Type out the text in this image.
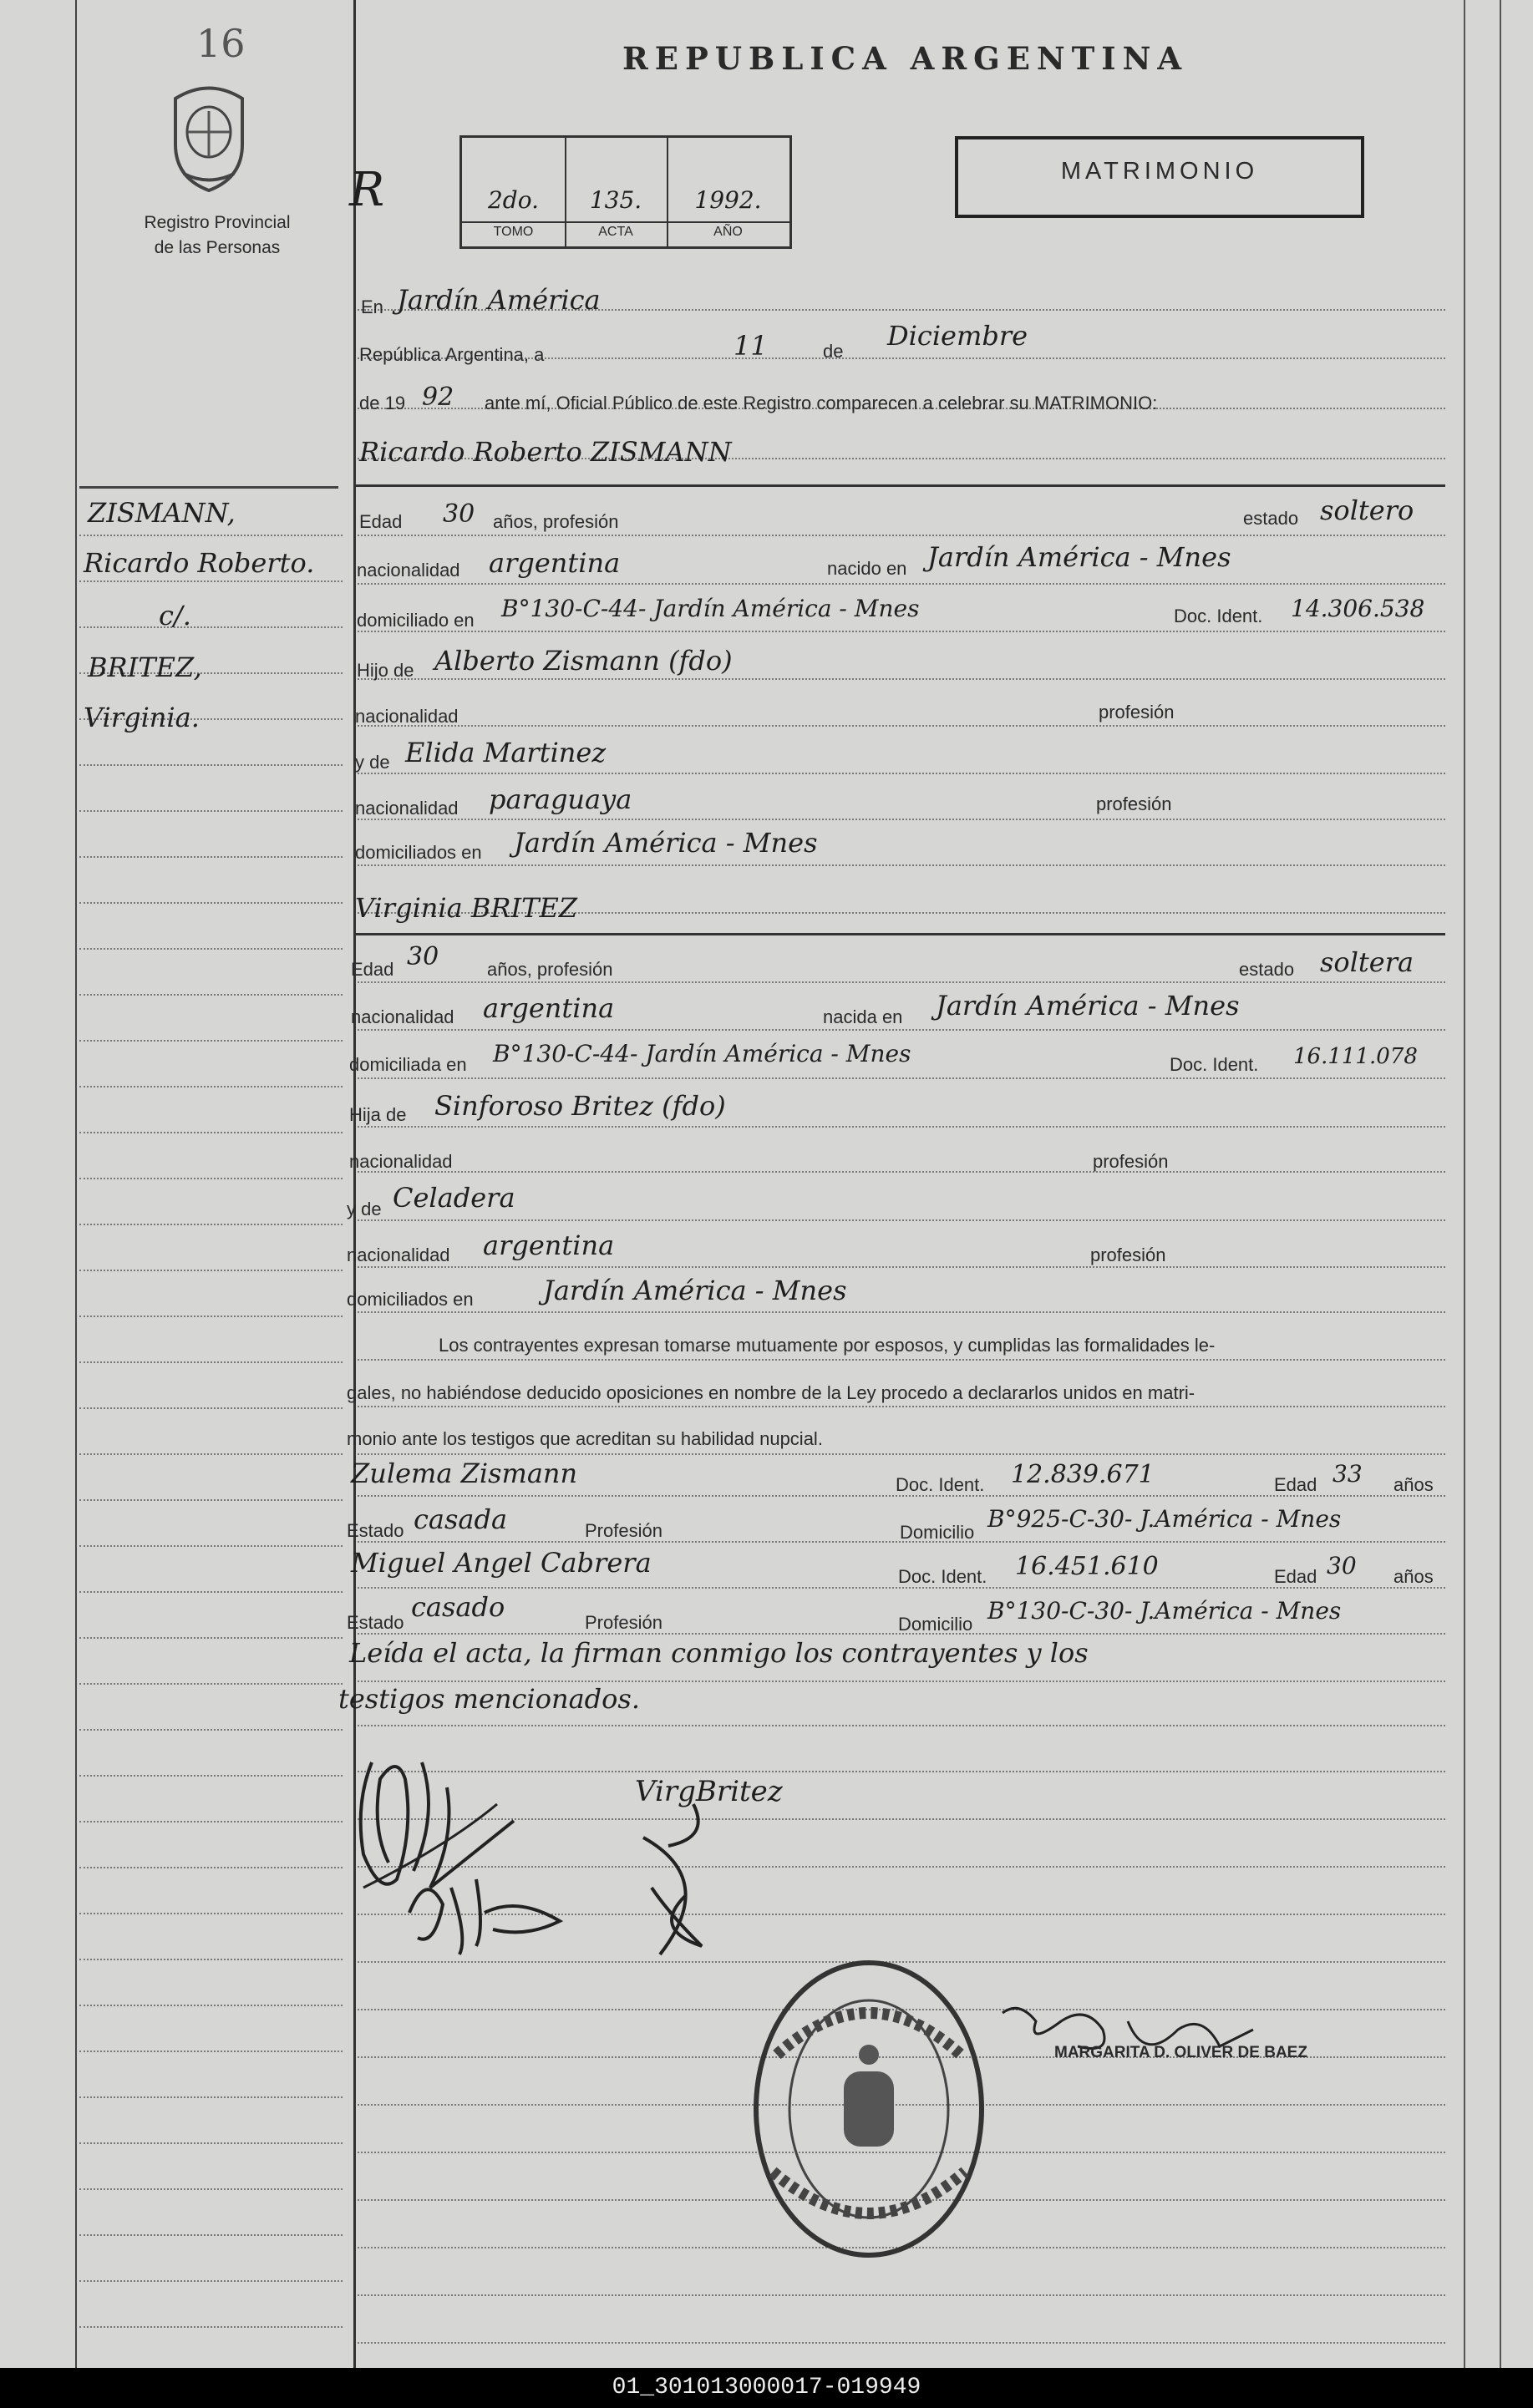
16
Registro Provincial
de las Personas
REPUBLICA ARGENTINA
MATRIMONIO
R	2do.	135.	1992.
TOMO	ACTA	AÑO
ZISMANN,
Ricardo Roberto.
c/.
BRITEZ,
Virginia.
En Jardín América
República Argentina, a	11	de Diciembre
de 19 92 ante mí, Oficial Público de este Registro comparecen a celebrar su MATRIMONIO:
Ricardo Roberto ZISMANN
Edad 30 años, profesión	estado soltero
nacionalidad argentina	nacido en Jardín América - Mnes
domiciliado en B°130-C-44- Jardín América - Mnes	Doc. Ident. 14.306.538
Hijo de Alberto Zismann (fdo)
nacionalidad	profesión
y de Elida Martinez
nacionalidad paraguaya	profesión
domiciliados en Jardín América - Mnes
Virginia BRITEZ
Edad 30	años, profesión	estado soltera
nacionalidad argentina	nacida en Jardín América - Mnes
domiciliada en B°130-C-44- Jardín América - Mnes	Doc. Ident. 16.111.078
Hija de Sinforoso Britez (fdo)
nacionalidad	profesión
y de Celadera
nacionalidad argentina	profesión
domiciliados en	Jardín América - Mnes
Los contrayentes expresan tomarse mutuamente por esposos, y cumplidas las formalidades le-
gales, no habiéndose deducido oposiciones en nombre de la Ley procedo a declararlos unidos en matri-
monio ante los testigos que acreditan su habilidad nupcial.
Zulema Zismann	Doc. Ident. 12.839.671	Edad 33 años
Estado casada	Profesión	Domicilio B°925-C-30- J.América - Mnes
Miguel Angel Cabrera	Doc. Ident. 16.451.610	Edad 30 años
Estado casado	Profesión	Domicilio B°130-C-30- J.América - Mnes
Leída el acta, la firman conmigo los contrayentes y los
testigos mencionados.
VirgBritez
MARGARITA D. OLIVER DE BAEZ
01_301013000017-019949
